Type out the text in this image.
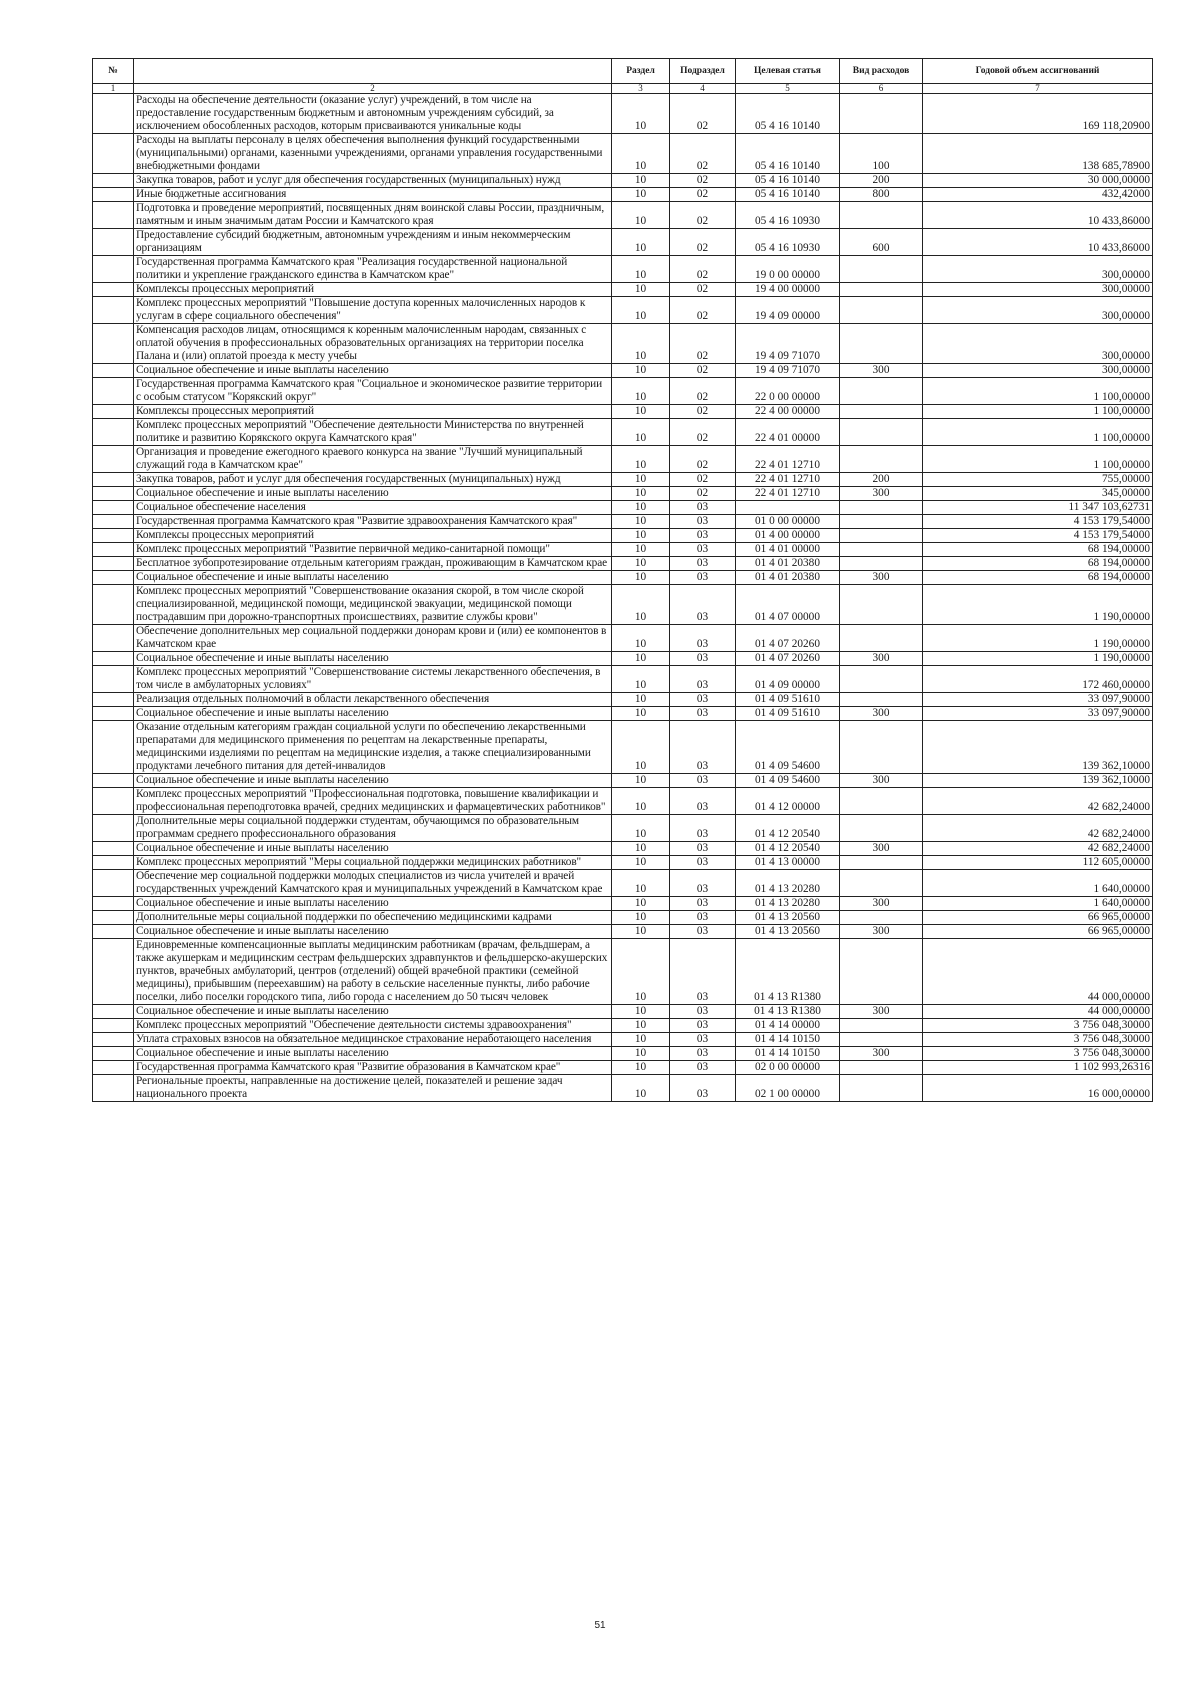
№		Раздел	Подраздел	Целевая статья	Вид расходов	Годовой объем ассигнований
1	2	3	4	5	6	7
	Расходы на обеспечение деятельности (оказание услуг) учреждений, в том числе на предоставление государственным бюджетным и автономным учреждениям субсидий, за исключением обособленных расходов, которым присваиваются уникальные коды	10	02	05 4 16 10140		169 118,20900
	Расходы на выплаты персоналу в целях обеспечения выполнения функций государственными (муниципальными) органами, казенными учреждениями, органами управления государственными внебюджетными фондами	10	02	05 4 16 10140	100	138 685,78900
	Закупка товаров, работ и услуг для обеспечения государственных (муниципальных) нужд	10	02	05 4 16 10140	200	30 000,00000
	Иные бюджетные ассигнования	10	02	05 4 16 10140	800	432,42000
	Подготовка и проведение мероприятий, посвященных дням воинской славы России, праздничным, памятным и иным значимым датам России и Камчатского края	10	02	05 4 16 10930		10 433,86000
	Предоставление субсидий бюджетным, автономным учреждениям и иным некоммерческим организациям	10	02	05 4 16 10930	600	10 433,86000
	Государственная программа Камчатского края "Реализация государственной национальной политики и укрепление гражданского единства в Камчатском крае"	10	02	19 0 00 00000		300,00000
	Комплексы процессных мероприятий	10	02	19 4 00 00000		300,00000
	Комплекс процессных мероприятий "Повышение доступа коренных малочисленных народов к услугам в сфере социального обеспечения"	10	02	19 4 09 00000		300,00000
	Компенсация расходов лицам, относящимся к коренным малочисленным народам, связанных с оплатой обучения в профессиональных образовательных организациях на территории поселка Палана и (или) оплатой проезда к месту учебы	10	02	19 4 09 71070		300,00000
	Социальное обеспечение и иные выплаты населению	10	02	19 4 09 71070	300	300,00000
	Государственная программа Камчатского края "Социальное и экономическое развитие территории с особым статусом "Корякский округ"	10	02	22 0 00 00000		1 100,00000
	Комплексы процессных мероприятий	10	02	22 4 00 00000		1 100,00000
	Комплекс процессных мероприятий "Обеспечение деятельности Министерства по внутренней политике и развитию Корякского округа Камчатского края"	10	02	22 4 01 00000		1 100,00000
	Организация и проведение ежегодного краевого конкурса на звание "Лучший муниципальный служащий года в Камчатском крае"	10	02	22 4 01 12710		1 100,00000
	Закупка товаров, работ и услуг для обеспечения государственных (муниципальных) нужд	10	02	22 4 01 12710	200	755,00000
	Социальное обеспечение и иные выплаты населению	10	02	22 4 01 12710	300	345,00000
	Социальное обеспечение населения	10	03			11 347 103,62731
	Государственная программа Камчатского края "Развитие здравоохранения Камчатского края"	10	03	01 0 00 00000		4 153 179,54000
	Комплексы процессных мероприятий	10	03	01 4 00 00000		4 153 179,54000
	Комплекс процессных мероприятий "Развитие первичной медико-санитарной помощи"	10	03	01 4 01 00000		68 194,00000
	Бесплатное зубопротезирование отдельным категориям граждан, проживающим в Камчатском крае	10	03	01 4 01 20380		68 194,00000
	Социальное обеспечение и иные выплаты населению	10	03	01 4 01 20380	300	68 194,00000
	Комплекс процессных мероприятий "Совершенствование оказания скорой, в том числе скорой специализированной, медицинской помощи, медицинской эвакуации, медицинской помощи пострадавшим при дорожно-транспортных происшествиях, развитие службы крови"	10	03	01 4 07 00000		1 190,00000
	Обеспечение дополнительных мер социальной поддержки донорам крови и (или) ее компонентов в Камчатском крае	10	03	01 4 07 20260		1 190,00000
	Социальное обеспечение и иные выплаты населению	10	03	01 4 07 20260	300	1 190,00000
	Комплекс процессных мероприятий "Совершенствование системы лекарственного обеспечения, в том числе в амбулаторных условиях"	10	03	01 4 09 00000		172 460,00000
	Реализация отдельных полномочий в области лекарственного обеспечения	10	03	01 4 09 51610		33 097,90000
	Социальное обеспечение и иные выплаты населению	10	03	01 4 09 51610	300	33 097,90000
	Оказание отдельным категориям граждан социальной услуги по обеспечению лекарственными препаратами для медицинского применения по рецептам на лекарственные препараты, медицинскими изделиями по рецептам на медицинские изделия, а также специализированными продуктами лечебного питания для детей-инвалидов	10	03	01 4 09 54600		139 362,10000
	Социальное обеспечение и иные выплаты населению	10	03	01 4 09 54600	300	139 362,10000
	Комплекс процессных мероприятий "Профессиональная подготовка, повышение квалификации и профессиональная переподготовка врачей, средних медицинских и фармацевтических работников"	10	03	01 4 12 00000		42 682,24000
	Дополнительные меры социальной поддержки студентам, обучающимся по образовательным программам среднего профессионального образования	10	03	01 4 12 20540		42 682,24000
	Социальное обеспечение и иные выплаты населению	10	03	01 4 12 20540	300	42 682,24000
	Комплекс процессных мероприятий "Меры социальной поддержки медицинских работников"	10	03	01 4 13 00000		112 605,00000
	Обеспечение мер социальной поддержки молодых специалистов из числа учителей и врачей государственных учреждений Камчатского края и муниципальных учреждений в Камчатском крае	10	03	01 4 13 20280		1 640,00000
	Социальное обеспечение и иные выплаты населению	10	03	01 4 13 20280	300	1 640,00000
	Дополнительные меры социальной поддержки по обеспечению медицинскими кадрами	10	03	01 4 13 20560		66 965,00000
	Социальное обеспечение и иные выплаты населению	10	03	01 4 13 20560	300	66 965,00000
	Единовременные компенсационные выплаты медицинским работникам (врачам, фельдшерам, а также акушеркам и медицинским сестрам фельдшерских здравпунктов и фельдшерско-акушерских пунктов, врачебных амбулаторий, центров (отделений) общей врачебной практики (семейной медицины), прибывшим (переехавшим) на работу в сельские населенные пункты, либо рабочие поселки, либо поселки городского типа, либо города с населением до 50 тысяч человек	10	03	01 4 13 R1380		44 000,00000
	Социальное обеспечение и иные выплаты населению	10	03	01 4 13 R1380	300	44 000,00000
	Комплекс процессных мероприятий "Обеспечение деятельности системы здравоохранения"	10	03	01 4 14 00000		3 756 048,30000
	Уплата страховых взносов на обязательное медицинское страхование неработающего населения	10	03	01 4 14 10150		3 756 048,30000
	Социальное обеспечение и иные выплаты населению	10	03	01 4 14 10150	300	3 756 048,30000
	Государственная программа Камчатского края "Развитие образования в Камчатском крае"	10	03	02 0 00 00000		1 102 993,26316
	Региональные проекты, направленные на достижение целей, показателей и решение задач национального проекта	10	03	02 1 00 00000		16 000,00000
51
